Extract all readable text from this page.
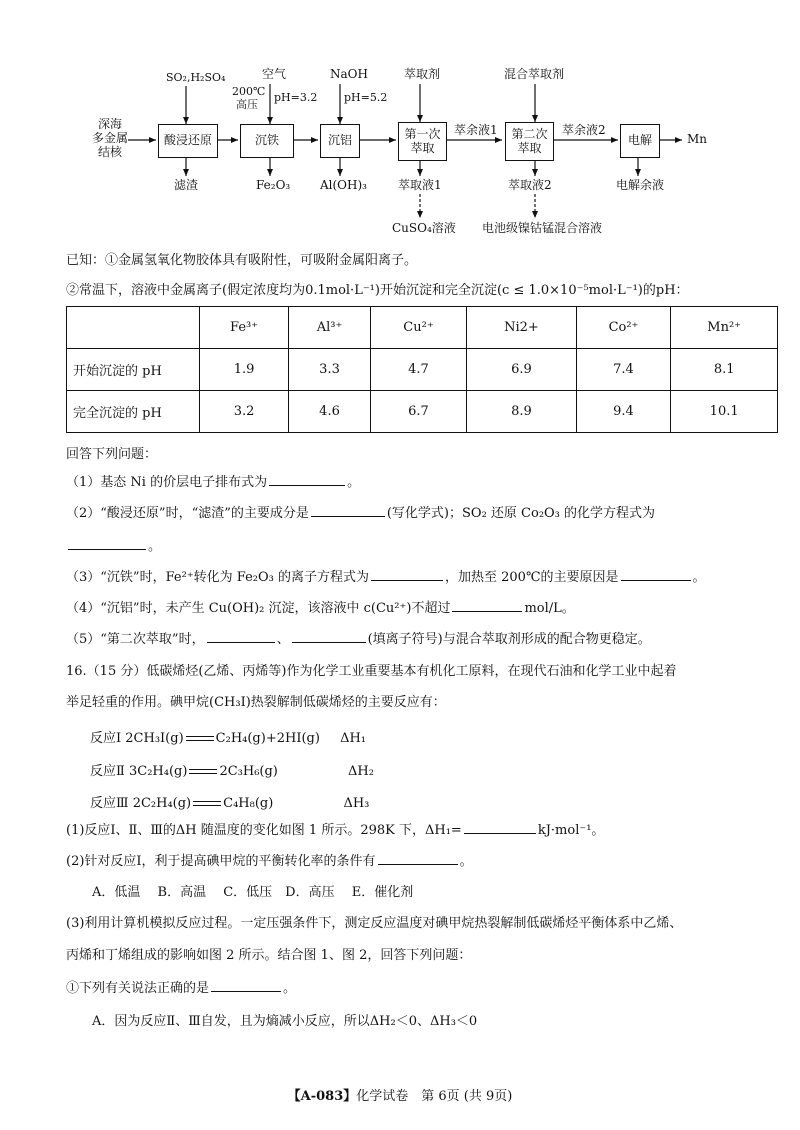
深海
多金属
结核
SO₂,H₂SO₄
酸浸还原
滤渣
空气
200℃
高压
pH=3.2
沉铁
Fe₂O₃
NaOH
pH=5.2
沉铝
Al(OH)₃
萃取剂
第一次
萃取
萃余液1
萃取液1
CuSO₄溶液
混合萃取剂
第二次
萃取
萃余液2
萃取液2
电池级镍钴锰混合溶液
电解	Mn
电解余液
已知：①金属氢氧化物胶体具有吸附性，可吸附金属阳离子。
②常温下，溶液中金属离子(假定浓度均为0.1mol·L⁻¹)开始沉淀和完全沉淀(c ≤ 1.0×10⁻⁵mol·L⁻¹)的pH：
	Fe³⁺	Al³⁺	Cu²⁺	Ni2+	Co²⁺	Mn²⁺
开始沉淀的 pH	1.9	3.3	4.7	6.9	7.4	8.1
完全沉淀的 pH	3.2	4.6	6.7	8.9	9.4	10.1
回答下列问题：
（1）基态 Ni 的价层电子排布式为	。
（2）“酸浸还原”时，“滤渣”的主要成分是	(写化学式)；SO₂ 还原 Co₂O₃ 的化学方程式为
。
（3）“沉铁”时，Fe²⁺转化为 Fe₂O₃ 的离子方程式为	，加热至 200℃的主要原因是	。
（4）“沉铝”时，未产生 Cu(OH)₂ 沉淀，该溶液中 c(Cu²⁺)不超过	mol/L。
（5）“第二次萃取”时，	、	(填离子符号)与混合萃取剂形成的配合物更稳定。
16.（15 分）低碳烯烃(乙烯、丙烯等)作为化学工业重要基本有机化工原料，在现代石油和化学工业中起着
举足轻重的作用。碘甲烷(CH₃I)热裂解制低碳烯烃的主要反应有：
反应Ⅰ 2CH₃I(g) C₂H₄(g)+2HI(g) ΔH₁
反应Ⅱ 3C₂H₄(g) 2C₃H₆(g)	ΔH₂
反应Ⅲ 2C₂H₄(g) C₄H₈(g)	ΔH₃
(1)反应Ⅰ、Ⅱ、Ⅲ的ΔH 随温度的变化如图 1 所示。298K 下，ΔH₁=	kJ·mol⁻¹。
(2)针对反应Ⅰ，利于提高碘甲烷的平衡转化率的条件有	。
A．低温　 B．高温　 C．低压　D．高压　 E．催化剂
(3)利用计算机模拟反应过程。一定压强条件下，测定反应温度对碘甲烷热裂解制低碳烯烃平衡体系中乙烯、
丙烯和丁烯组成的影响如图 2 所示。结合图 1、图 2，回答下列问题：
①下列有关说法正确的是	。
A．因为反应Ⅱ、Ⅲ自发，且为熵减小反应，所以ΔH₂＜0、ΔH₃＜0
【A-083】化学试卷　第 6页 (共 9页)
